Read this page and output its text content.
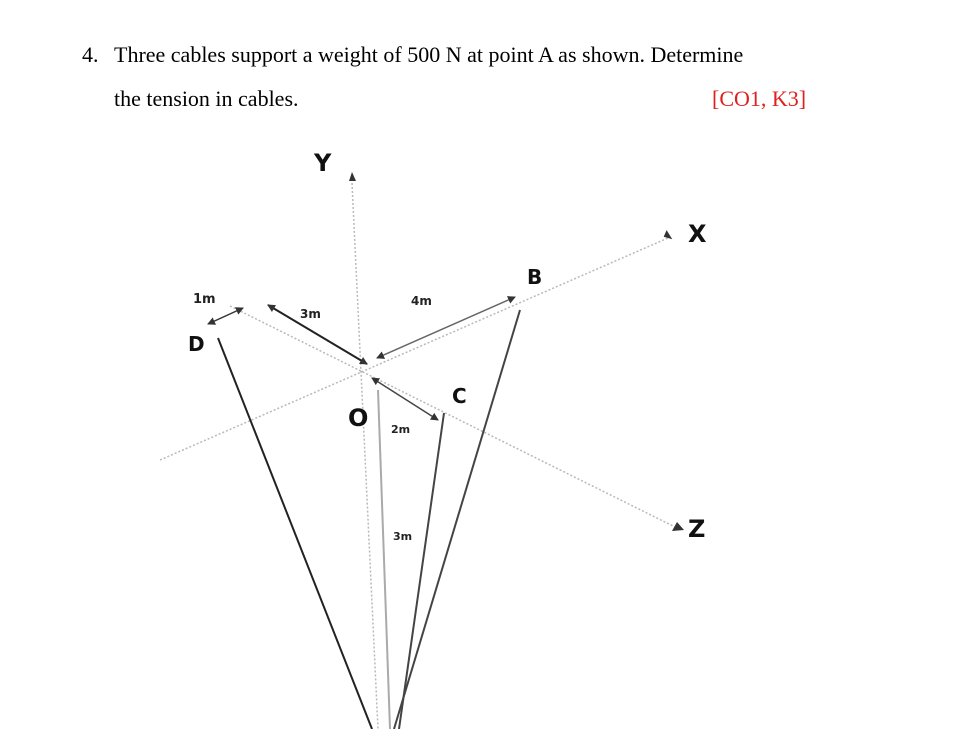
4. Three cables support a weight of 500 N at point A as shown. Determine
the tension in cables.	[CO1, K3]
Y
X
Z
B
C
D
O
1m
3m
4m
2m
3m
